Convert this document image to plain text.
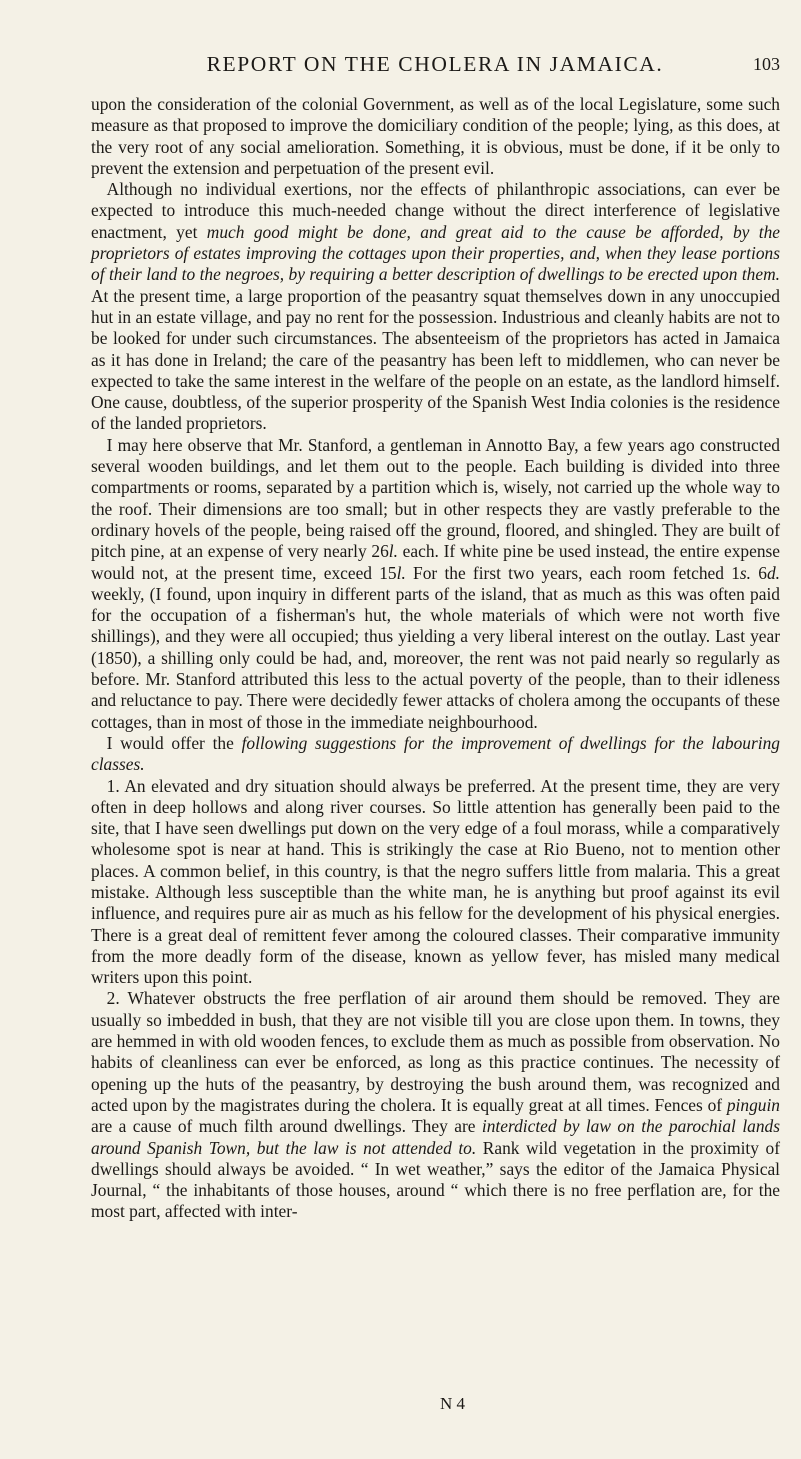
REPORT ON THE CHOLERA IN JAMAICA.	103

upon the consideration of the colonial Government, as well as of the local Legislature, some such measure as that proposed to improve the domiciliary condition of the people; lying, as this does, at the very root of any social amelioration. Something, it is obvious, must be done, if it be only to prevent the extension and perpetuation of the present evil.

Although no individual exertions, nor the effects of philanthropic associations, can ever be expected to introduce this much-needed change without the direct interference of legislative enactment, yet much good might be done, and great aid to the cause be afforded, by the proprietors of estates improving the cottages upon their properties, and, when they lease portions of their land to the negroes, by requiring a better description of dwellings to be erected upon them. At the present time, a large proportion of the peasantry squat themselves down in any unoccupied hut in an estate village, and pay no rent for the possession. Industrious and cleanly habits are not to be looked for under such circumstances. The absenteeism of the proprietors has acted in Jamaica as it has done in Ireland; the care of the peasantry has been left to middlemen, who can never be expected to take the same interest in the welfare of the people on an estate, as the landlord himself. One cause, doubtless, of the superior prosperity of the Spanish West India colonies is the residence of the landed proprietors.

I may here observe that Mr. Stanford, a gentleman in Annotto Bay, a few years ago constructed several wooden buildings, and let them out to the people. Each building is divided into three compartments or rooms, separated by a partition which is, wisely, not carried up the whole way to the roof. Their dimensions are too small; but in other respects they are vastly preferable to the ordinary hovels of the people, being raised off the ground, floored, and shingled. They are built of pitch pine, at an expense of very nearly 26l. each. If white pine be used instead, the entire expense would not, at the present time, exceed 15l. For the first two years, each room fetched 1s. 6d. weekly, (I found, upon inquiry in different parts of the island, that as much as this was often paid for the occupation of a fisherman's hut, the whole materials of which were not worth five shillings), and they were all occupied; thus yielding a very liberal interest on the outlay. Last year (1850), a shilling only could be had, and, moreover, the rent was not paid nearly so regularly as before. Mr. Stanford attributed this less to the actual poverty of the people, than to their idleness and reluctance to pay. There were decidedly fewer attacks of cholera among the occupants of these cottages, than in most of those in the immediate neighbourhood.

I would offer the following suggestions for the improvement of dwellings for the labouring classes.

1. An elevated and dry situation should always be preferred. At the present time, they are very often in deep hollows and along river courses. So little attention has generally been paid to the site, that I have seen dwellings put down on the very edge of a foul morass, while a comparatively wholesome spot is near at hand. This is strikingly the case at Rio Bueno, not to mention other places. A common belief, in this country, is that the negro suffers little from malaria. This a great mistake. Although less susceptible than the white man, he is anything but proof against its evil influence, and requires pure air as much as his fellow for the development of his physical energies. There is a great deal of remittent fever among the coloured classes. Their comparative immunity from the more deadly form of the disease, known as yellow fever, has misled many medical writers upon this point.

2. Whatever obstructs the free perflation of air around them should be removed. They are usually so imbedded in bush, that they are not visible till you are close upon them. In towns, they are hemmed in with old wooden fences, to exclude them as much as possible from observation. No habits of cleanliness can ever be enforced, as long as this practice continues. The necessity of opening up the huts of the peasantry, by destroying the bush around them, was recognized and acted upon by the magistrates during the cholera. It is equally great at all times. Fences of pinguin are a cause of much filth around dwellings. They are interdicted by law on the parochial lands around Spanish Town, but the law is not attended to. Rank wild vegetation in the proximity of dwellings should always be avoided. “ In wet weather,” says the editor of the Jamaica Physical Journal, “ the inhabitants of those houses, around “ which there is no free perflation are, for the most part, affected with inter-

N 4
